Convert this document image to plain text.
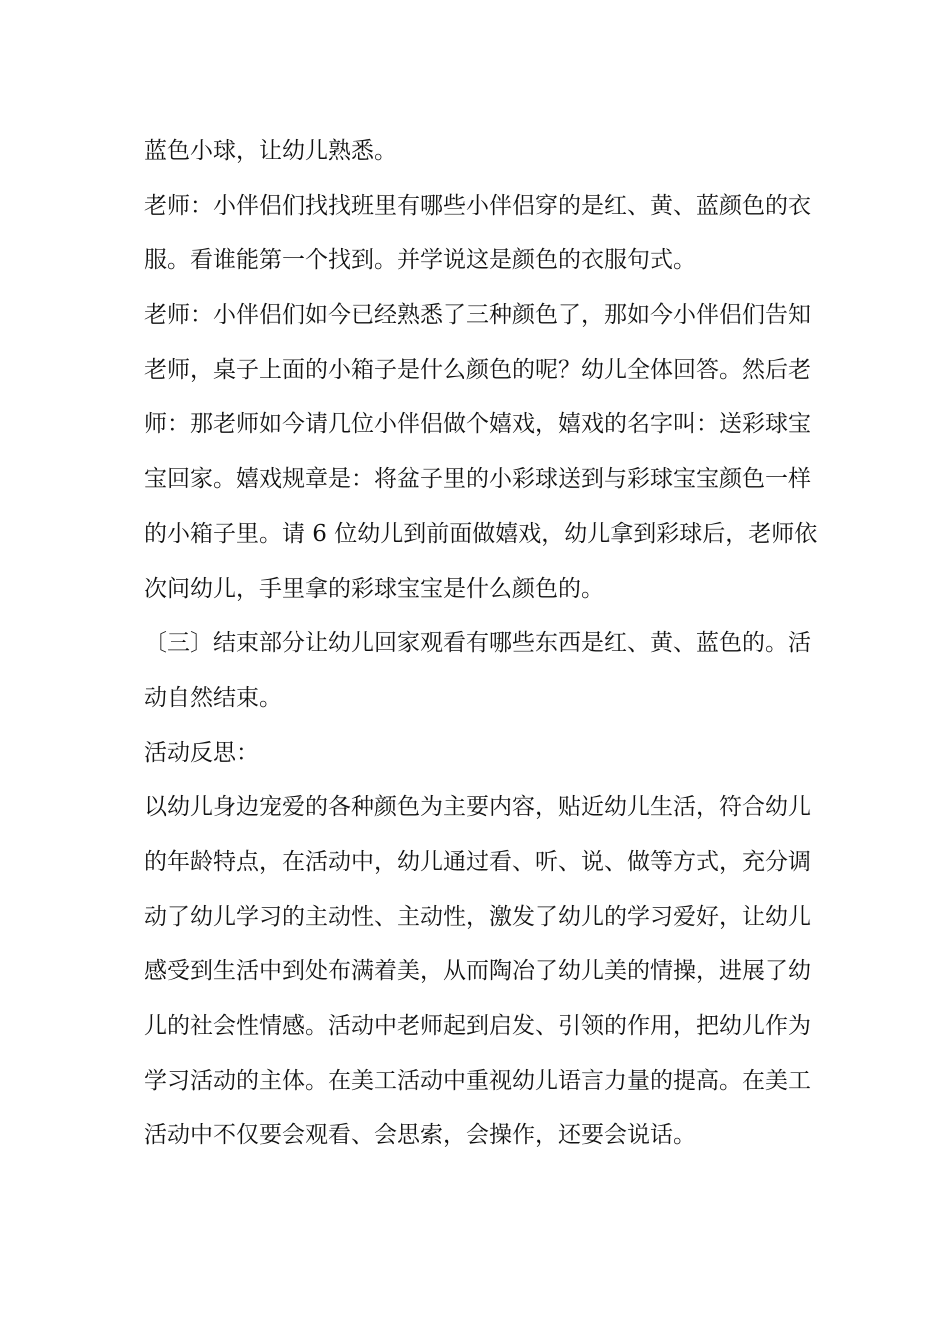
蓝色小球，让幼儿熟悉。
老师：小伴侣们找找班里有哪些小伴侣穿的是红、黄、蓝颜色的衣
服。看谁能第一个找到。并学说这是颜色的衣服句式。
老师：小伴侣们如今已经熟悉了三种颜色了，那如今小伴侣们告知
老师，桌子上面的小箱子是什么颜色的呢？幼儿全体回答。然后老
师：那老师如今请几位小伴侣做个嬉戏，嬉戏的名字叫：送彩球宝
宝回家。嬉戏规章是：将盆子里的小彩球送到与彩球宝宝颜色一样
的小箱子里。请 6 位幼儿到前面做嬉戏，幼儿拿到彩球后，老师依
次问幼儿，手里拿的彩球宝宝是什么颜色的。
〔三〕结束部分让幼儿回家观看有哪些东西是红、黄、蓝色的。活
动自然结束。
活动反思：
以幼儿身边宠爱的各种颜色为主要内容，贴近幼儿生活，符合幼儿
的年龄特点，在活动中，幼儿通过看、听、说、做等方式，充分调
动了幼儿学习的主动性、主动性，激发了幼儿的学习爱好，让幼儿
感受到生活中到处布满着美，从而陶冶了幼儿美的情操，进展了幼
儿的社会性情感。活动中老师起到启发、引领的作用，把幼儿作为
学习活动的主体。在美工活动中重视幼儿语言力量的提高。在美工
活动中不仅要会观看、会思索，会操作，还要会说话。
